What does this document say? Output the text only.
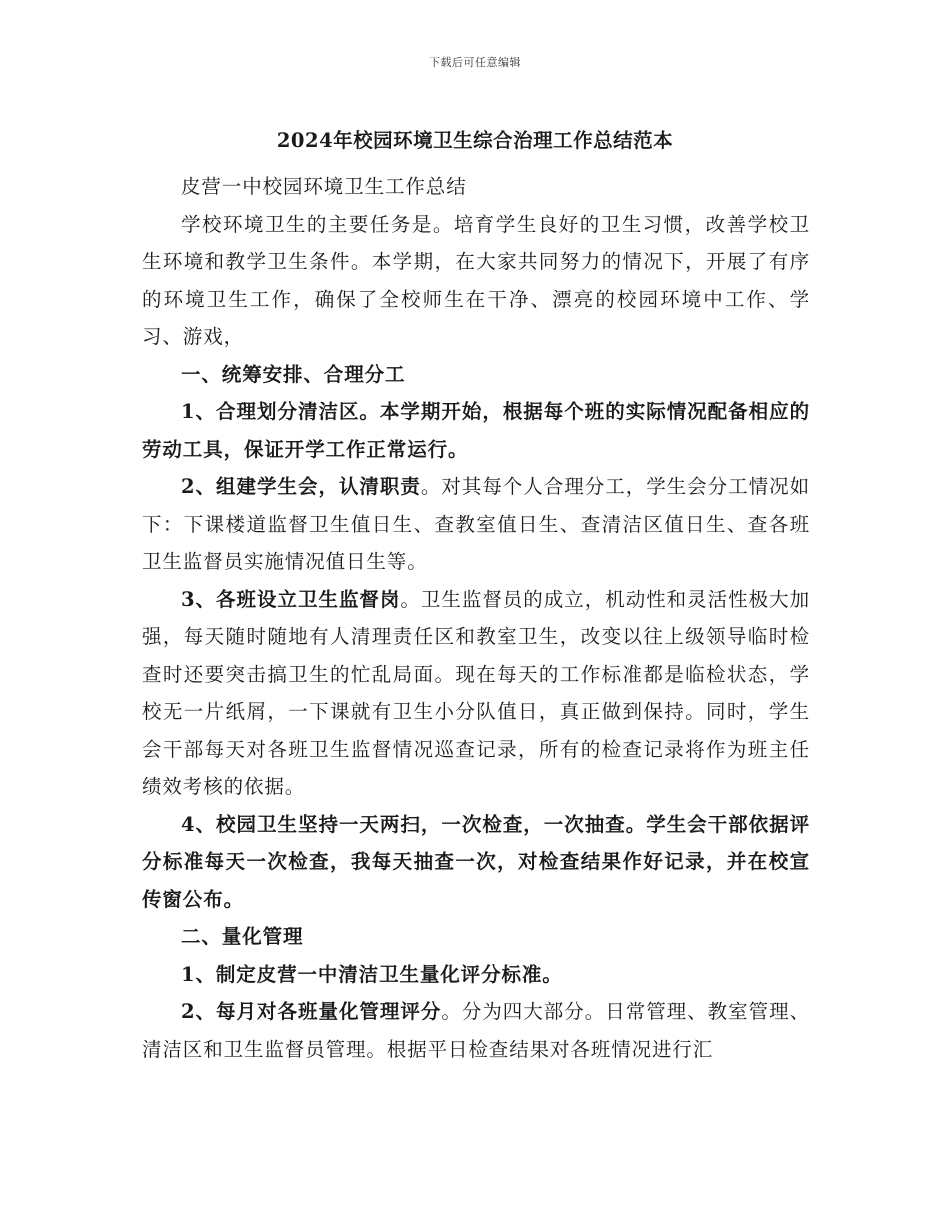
下载后可任意编辑
2024年校园环境卫生综合治理工作总结范本

皮营一中校园环境卫生工作总结

学校环境卫生的主要任务是。培育学生良好的卫生习惯，改善学校卫生环境和教学卫生条件。本学期，在大家共同努力的情况下，开展了有序的环境卫生工作，确保了全校师生在干净、漂亮的校园环境中工作、学习、游戏，

一、统筹安排、合理分工

1、合理划分清洁区。本学期开始，根据每个班的实际情况配备相应的劳动工具，保证开学工作正常运行。

2、组建学生会，认清职责。对其每个人合理分工，学生会分工情况如下：下课楼道监督卫生值日生、查教室值日生、查清洁区值日生、查各班卫生监督员实施情况值日生等。

3、各班设立卫生监督岗。卫生监督员的成立，机动性和灵活性极大加强，每天随时随地有人清理责任区和教室卫生，改变以往上级领导临时检查时还要突击搞卫生的忙乱局面。现在每天的工作标准都是临检状态，学校无一片纸屑，一下课就有卫生小分队值日，真正做到保持。同时，学生会干部每天对各班卫生监督情况巡查记录，所有的检查记录将作为班主任绩效考核的依据。

4、校园卫生坚持一天两扫，一次检查，一次抽查。学生会干部依据评分标准每天一次检查，我每天抽查一次，对检查结果作好记录，并在校宣传窗公布。

二、量化管理

1、制定皮营一中清洁卫生量化评分标准。

2、每月对各班量化管理评分。分为四大部分。日常管理、教室管理、清洁区和卫生监督员管理。根据平日检查结果对各班情况进行汇
